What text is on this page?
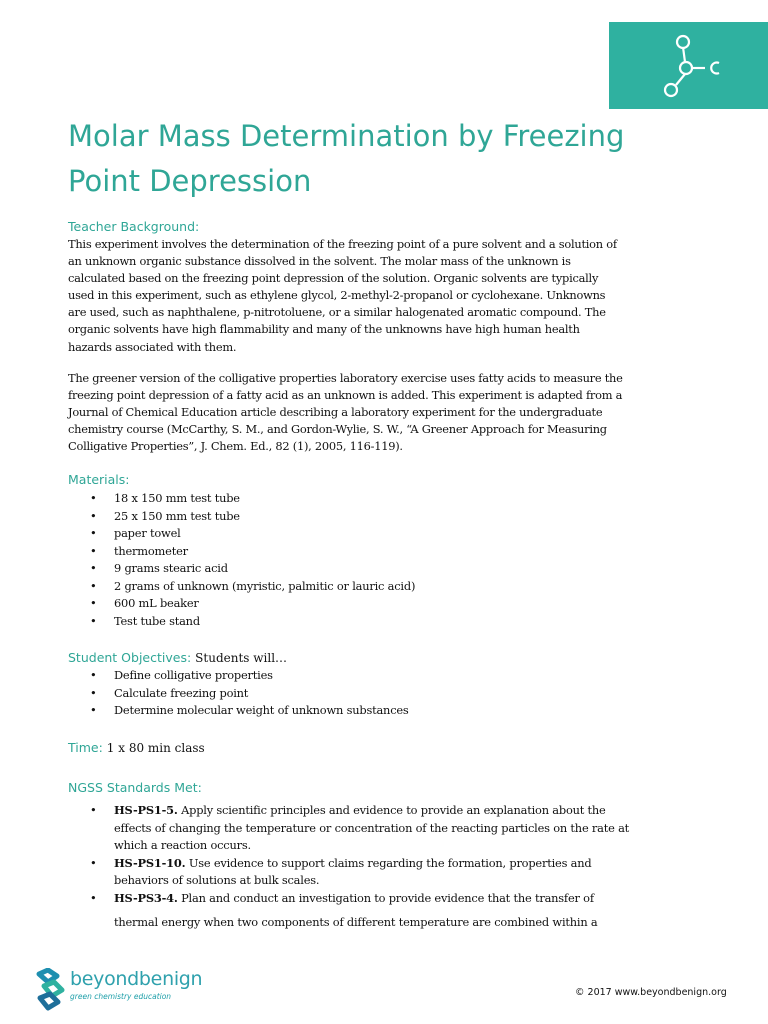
Molar Mass Determination by Freezing
Point Depression
Teacher Background:

This experiment involves the determination of the freezing point of a pure solvent and a solution of
an unknown organic substance dissolved in the solvent. The molar mass of the unknown is
calculated based on the freezing point depression of the solution. Organic solvents are typically
used in this experiment, such as ethylene glycol, 2-methyl-2-propanol or cyclohexane. Unknowns
are used, such as naphthalene, p-nitrotoluene, or a similar halogenated aromatic compound. The
organic solvents have high flammability and many of the unknowns have high human health
hazards associated with them.

The greener version of the colligative properties laboratory exercise uses fatty acids to measure the
freezing point depression of a fatty acid as an unknown is added. This experiment is adapted from a
Journal of Chemical Education article describing a laboratory experiment for the undergraduate
chemistry course (McCarthy, S. M., and Gordon-Wylie, S. W., “A Greener Approach for Measuring
Colligative Properties”, J. Chem. Ed., 82 (1), 2005, 116-119).

Materials:
• 18 x 150 mm test tube
• 25 x 150 mm test tube
• paper towel
• thermometer
• 9 grams stearic acid
• 2 grams of unknown (myristic, palmitic or lauric acid)
• 600 mL beaker
• Test tube stand
Student Objectives: Students will…
• Define colligative properties
• Calculate freezing point
• Determine molecular weight of unknown substances
Time: 1 x 80 min class
NGSS Standards Met:
• HS-PS1-5. Apply scientific principles and evidence to provide an explanation about the
effects of changing the temperature or concentration of the reacting particles on the rate at
which a reaction occurs.
• HS-PS1-10. Use evidence to support claims regarding the formation, properties and
behaviors of solutions at bulk scales.
• HS-PS3-4. Plan and conduct an investigation to provide evidence that the transfer of
thermal energy when two components of different temperature are combined within a
beyondbenign
green chemistry education	© 2017 www.beyondbenign.org
